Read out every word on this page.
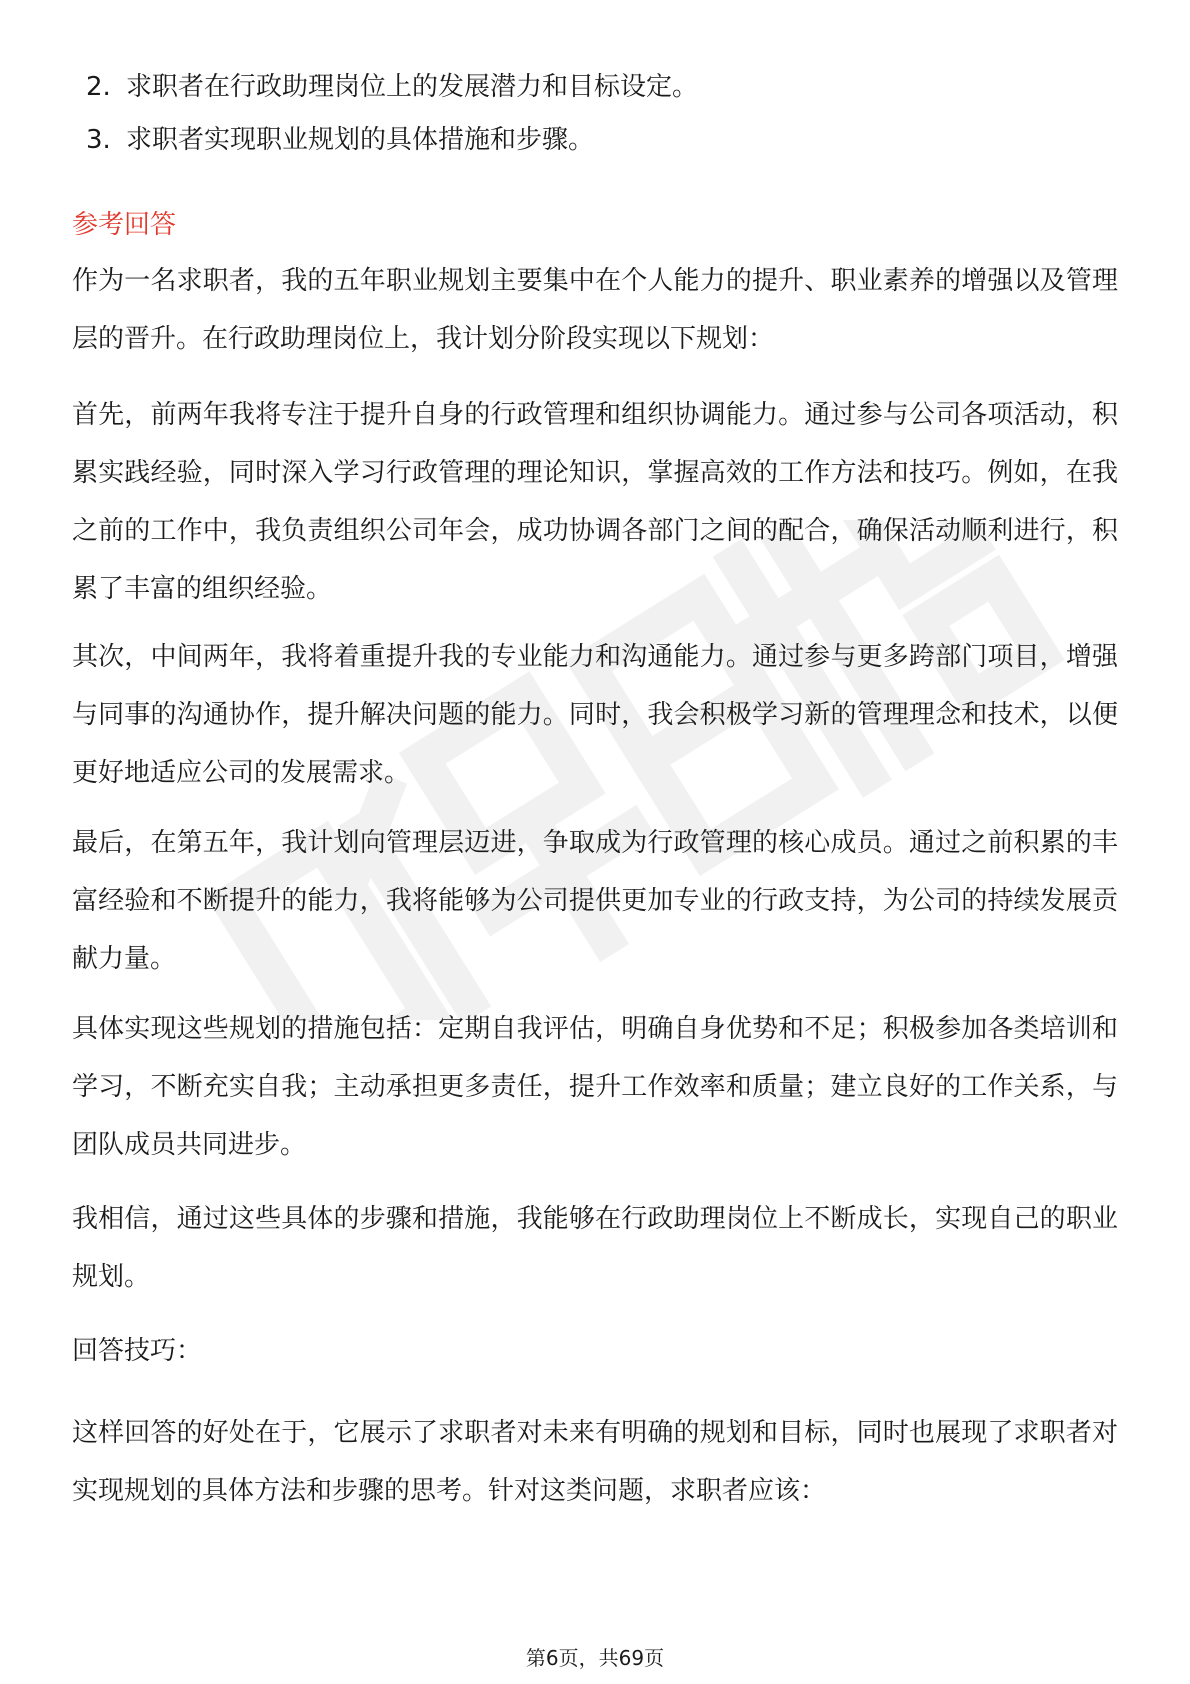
2. 求职者在行政助理岗位上的发展潜力和目标设定。
3. 求职者实现职业规划的具体措施和步骤。
参考回答

作为一名求职者，我的五年职业规划主要集中在个人能力的提升、职业素养的增强以及管理层的晋升。在行政助理岗位上，我计划分阶段实现以下规划：

首先，前两年我将专注于提升自身的行政管理和组织协调能力。通过参与公司各项活动，积累实践经验，同时深入学习行政管理的理论知识，掌握高效的工作方法和技巧。例如，在我之前的工作中，我负责组织公司年会，成功协调各部门之间的配合，确保活动顺利进行，积累了丰富的组织经验。

其次，中间两年，我将着重提升我的专业能力和沟通能力。通过参与更多跨部门项目，增强与同事的沟通协作，提升解决问题的能力。同时，我会积极学习新的管理理念和技术，以便更好地适应公司的发展需求。

最后，在第五年，我计划向管理层迈进，争取成为行政管理的核心成员。通过之前积累的丰富经验和不断提升的能力，我将能够为公司提供更加专业的行政支持，为公司的持续发展贡献力量。

具体实现这些规划的措施包括：定期自我评估，明确自身优势和不足；积极参加各类培训和学习，不断充实自我；主动承担更多责任，提升工作效率和质量；建立良好的工作关系，与团队成员共同进步。

我相信，通过这些具体的步骤和措施，我能够在行政助理岗位上不断成长，实现自己的职业规划。

回答技巧：

这样回答的好处在于，它展示了求职者对未来有明确的规划和目标，同时也展现了求职者对实现规划的具体方法和步骤的思考。针对这类问题，求职者应该：

第6页，共69页
